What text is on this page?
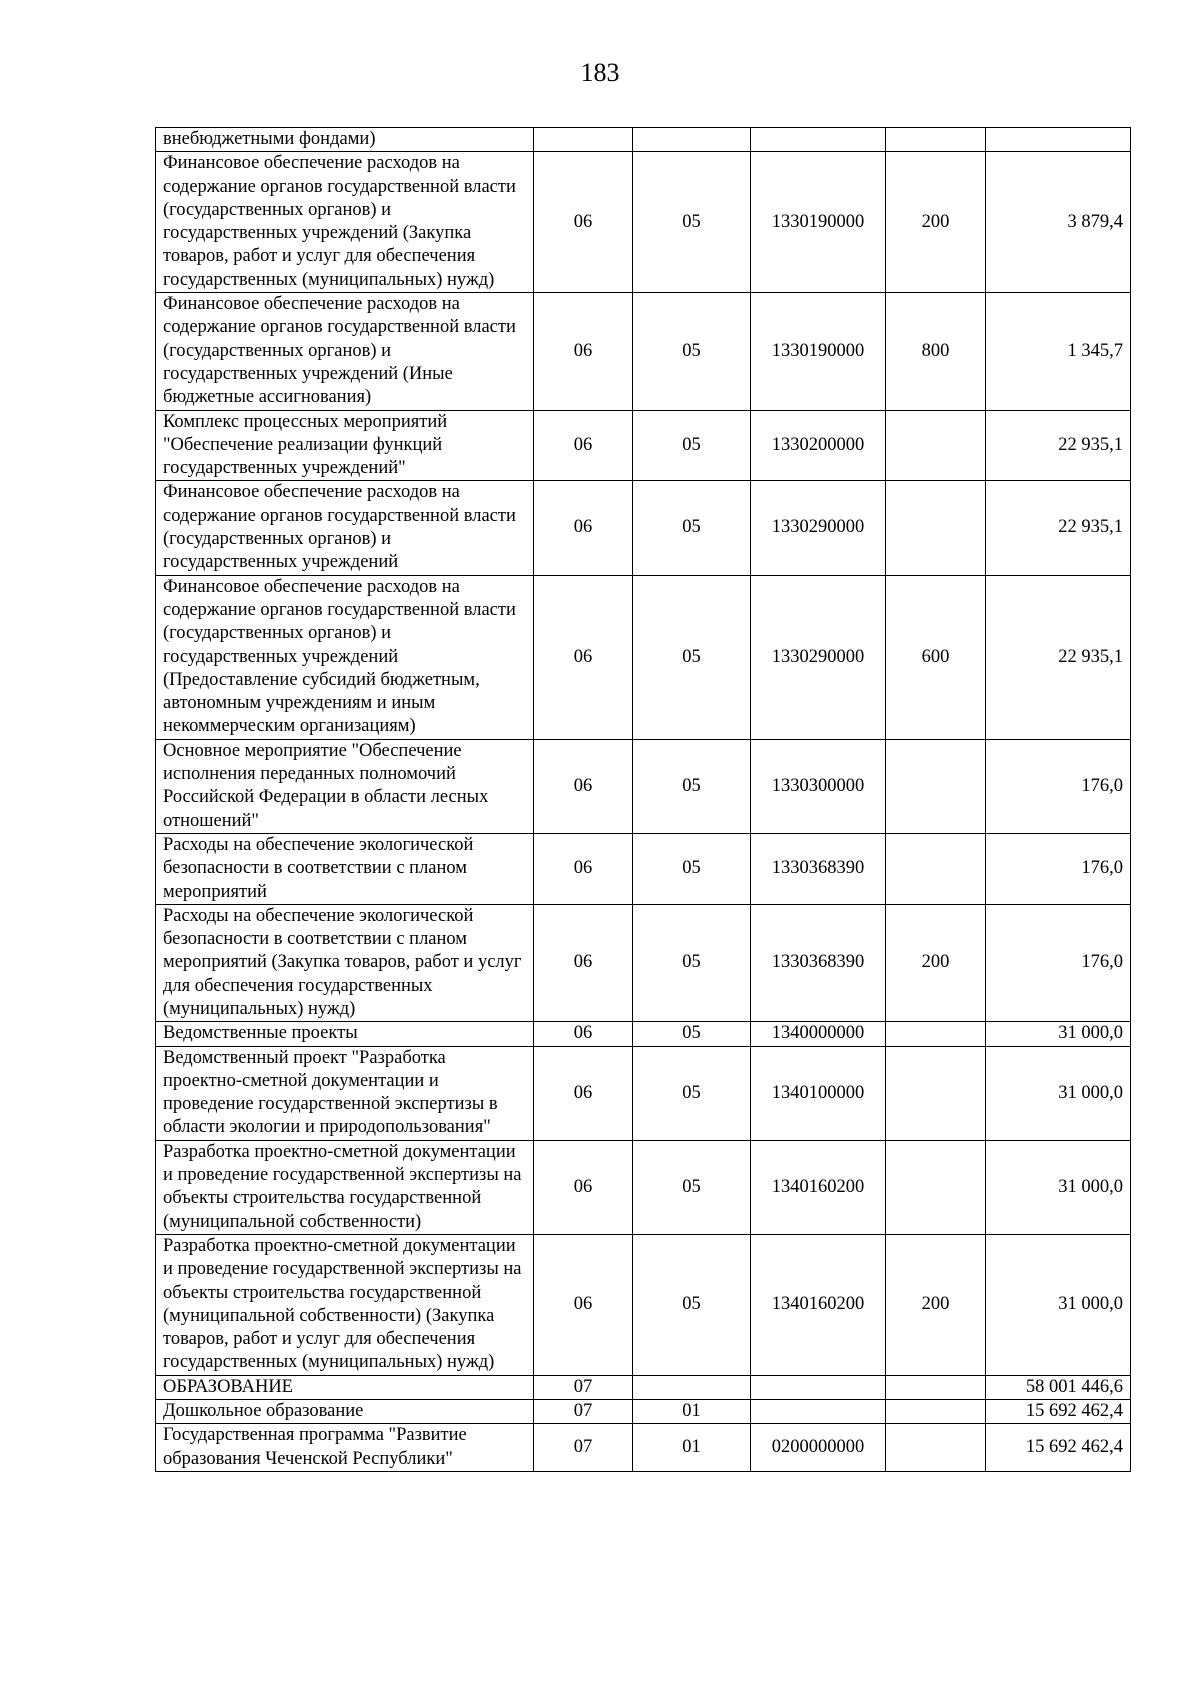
183
внебюджетными фондами)					
Финансовое обеспечение расходов на содержание органов государственной власти (государственных органов) и государственных учреждений (Закупка товаров, работ и услуг для обеспечения государственных (муниципальных) нужд)	06	05	1330190000	200	3 879,4
Финансовое обеспечение расходов на содержание органов государственной власти (государственных органов) и государственных учреждений (Иные бюджетные ассигнования)	06	05	1330190000	800	1 345,7
Комплекс процессных мероприятий "Обеспечение реализации функций государственных учреждений"	06	05	1330200000		22 935,1
Финансовое обеспечение расходов на содержание органов государственной власти (государственных органов) и государственных учреждений	06	05	1330290000		22 935,1
Финансовое обеспечение расходов на содержание органов государственной власти (государственных органов) и государственных учреждений (Предоставление субсидий бюджетным, автономным учреждениям и иным некоммерческим организациям)	06	05	1330290000	600	22 935,1
Основное мероприятие "Обеспечение исполнения переданных полномочий Российской Федерации в области лесных отношений"	06	05	1330300000		176,0
Расходы на обеспечение экологической безопасности в соответствии с планом мероприятий	06	05	1330368390		176,0
Расходы на обеспечение экологической безопасности в соответствии с планом мероприятий (Закупка товаров, работ и услуг для обеспечения государственных (муниципальных) нужд)	06	05	1330368390	200	176,0
Ведомственные проекты	06	05	1340000000		31 000,0
Ведомственный проект "Разработка проектно-сметной документации и проведение государственной экспертизы в области экологии и природопользования"	06	05	1340100000		31 000,0
Разработка проектно-сметной документации и проведение государственной экспертизы на объекты строительства государственной (муниципальной собственности)	06	05	1340160200		31 000,0
Разработка проектно-сметной документации и проведение государственной экспертизы на объекты строительства государственной (муниципальной собственности) (Закупка товаров, работ и услуг для обеспечения государственных (муниципальных) нужд)	06	05	1340160200	200	31 000,0
ОБРАЗОВАНИЕ	07				58 001 446,6
Дошкольное образование	07	01			15 692 462,4
Государственная программа "Развитие образования Чеченской Республики"	07	01	0200000000		15 692 462,4
